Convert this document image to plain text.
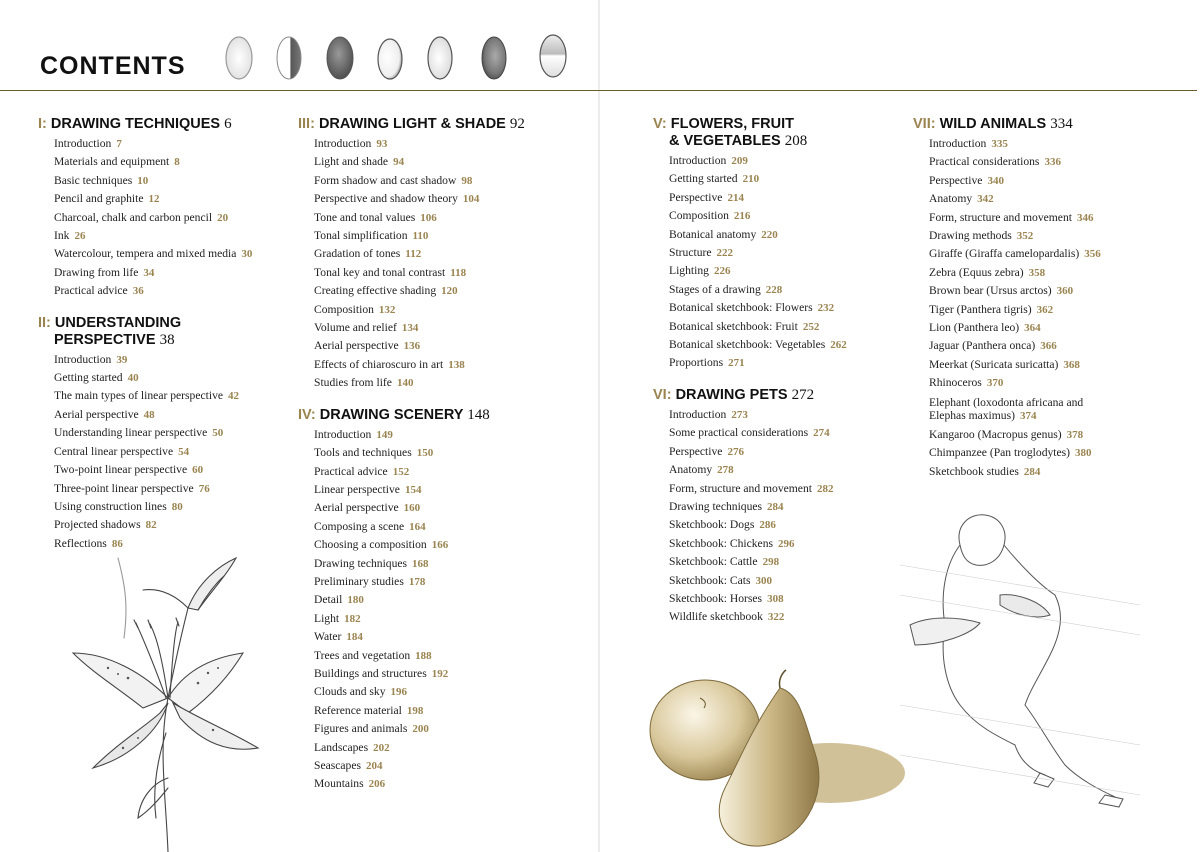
CONTENTS
I: DRAWING TECHNIQUES 6
Introduction 7
Materials and equipment 8
Basic techniques 10
Pencil and graphite 12
Charcoal, chalk and carbon pencil 20
Ink 26
Watercolour, tempera and mixed media 30
Drawing from life 34
Practical advice 36
II: UNDERSTANDING
PERSPECTIVE 38
Introduction 39
Getting started 40
The main types of linear perspective 42
Aerial perspective 48
Understanding linear perspective 50
Central linear perspective 54
Two-point linear perspective 60
Three-point linear perspective 76
Using construction lines 80
Projected shadows 82
Reflections 86
III: DRAWING LIGHT & SHADE 92
Introduction 93
Light and shade 94
Form shadow and cast shadow 98
Perspective and shadow theory 104
Tone and tonal values 106
Tonal simplification 110
Gradation of tones 112
Tonal key and tonal contrast 118
Creating effective shading 120
Composition 132
Volume and relief 134
Aerial perspective 136
Effects of chiaroscuro in art 138
Studies from life 140
IV: DRAWING SCENERY 148
Introduction 149
Tools and techniques 150
Practical advice 152
Linear perspective 154
Aerial perspective 160
Composing a scene 164
Choosing a composition 166
Drawing techniques 168
Preliminary studies 178
Detail 180
Light 182
Water 184
Trees and vegetation 188
Buildings and structures 192
Clouds and sky 196
Reference material 198
Figures and animals 200
Landscapes 202
Seascapes 204
Mountains 206
V: FLOWERS, FRUIT
& VEGETABLES 208
Introduction 209
Getting started 210
Perspective 214
Composition 216
Botanical anatomy 220
Structure 222
Lighting 226
Stages of a drawing 228
Botanical sketchbook: Flowers 232
Botanical sketchbook: Fruit 252
Botanical sketchbook: Vegetables 262
Proportions 271
VI: DRAWING PETS 272
Introduction 273
Some practical considerations 274
Perspective 276
Anatomy 278
Form, structure and movement 282
Drawing techniques 284
Sketchbook: Dogs 286
Sketchbook: Chickens 296
Sketchbook: Cattle 298
Sketchbook: Cats 300
Sketchbook: Horses 308
Wildlife sketchbook 322
VII: WILD ANIMALS 334
Introduction 335
Practical considerations 336
Perspective 340
Anatomy 342
Form, structure and movement 346
Drawing methods 352
Giraffe (Giraffa camelopardalis) 356
Zebra (Equus zebra) 358
Brown bear (Ursus arctos) 360
Tiger (Panthera tigris) 362
Lion (Panthera leo) 364
Jaguar (Panthera onca) 366
Meerkat (Suricata suricatta) 368
Rhinoceros 370
Elephant (loxodonta africana and Elephas maximus) 374
Kangaroo (Macropus genus) 378
Chimpanzee (Pan troglodytes) 380
Sketchbook studies 284
